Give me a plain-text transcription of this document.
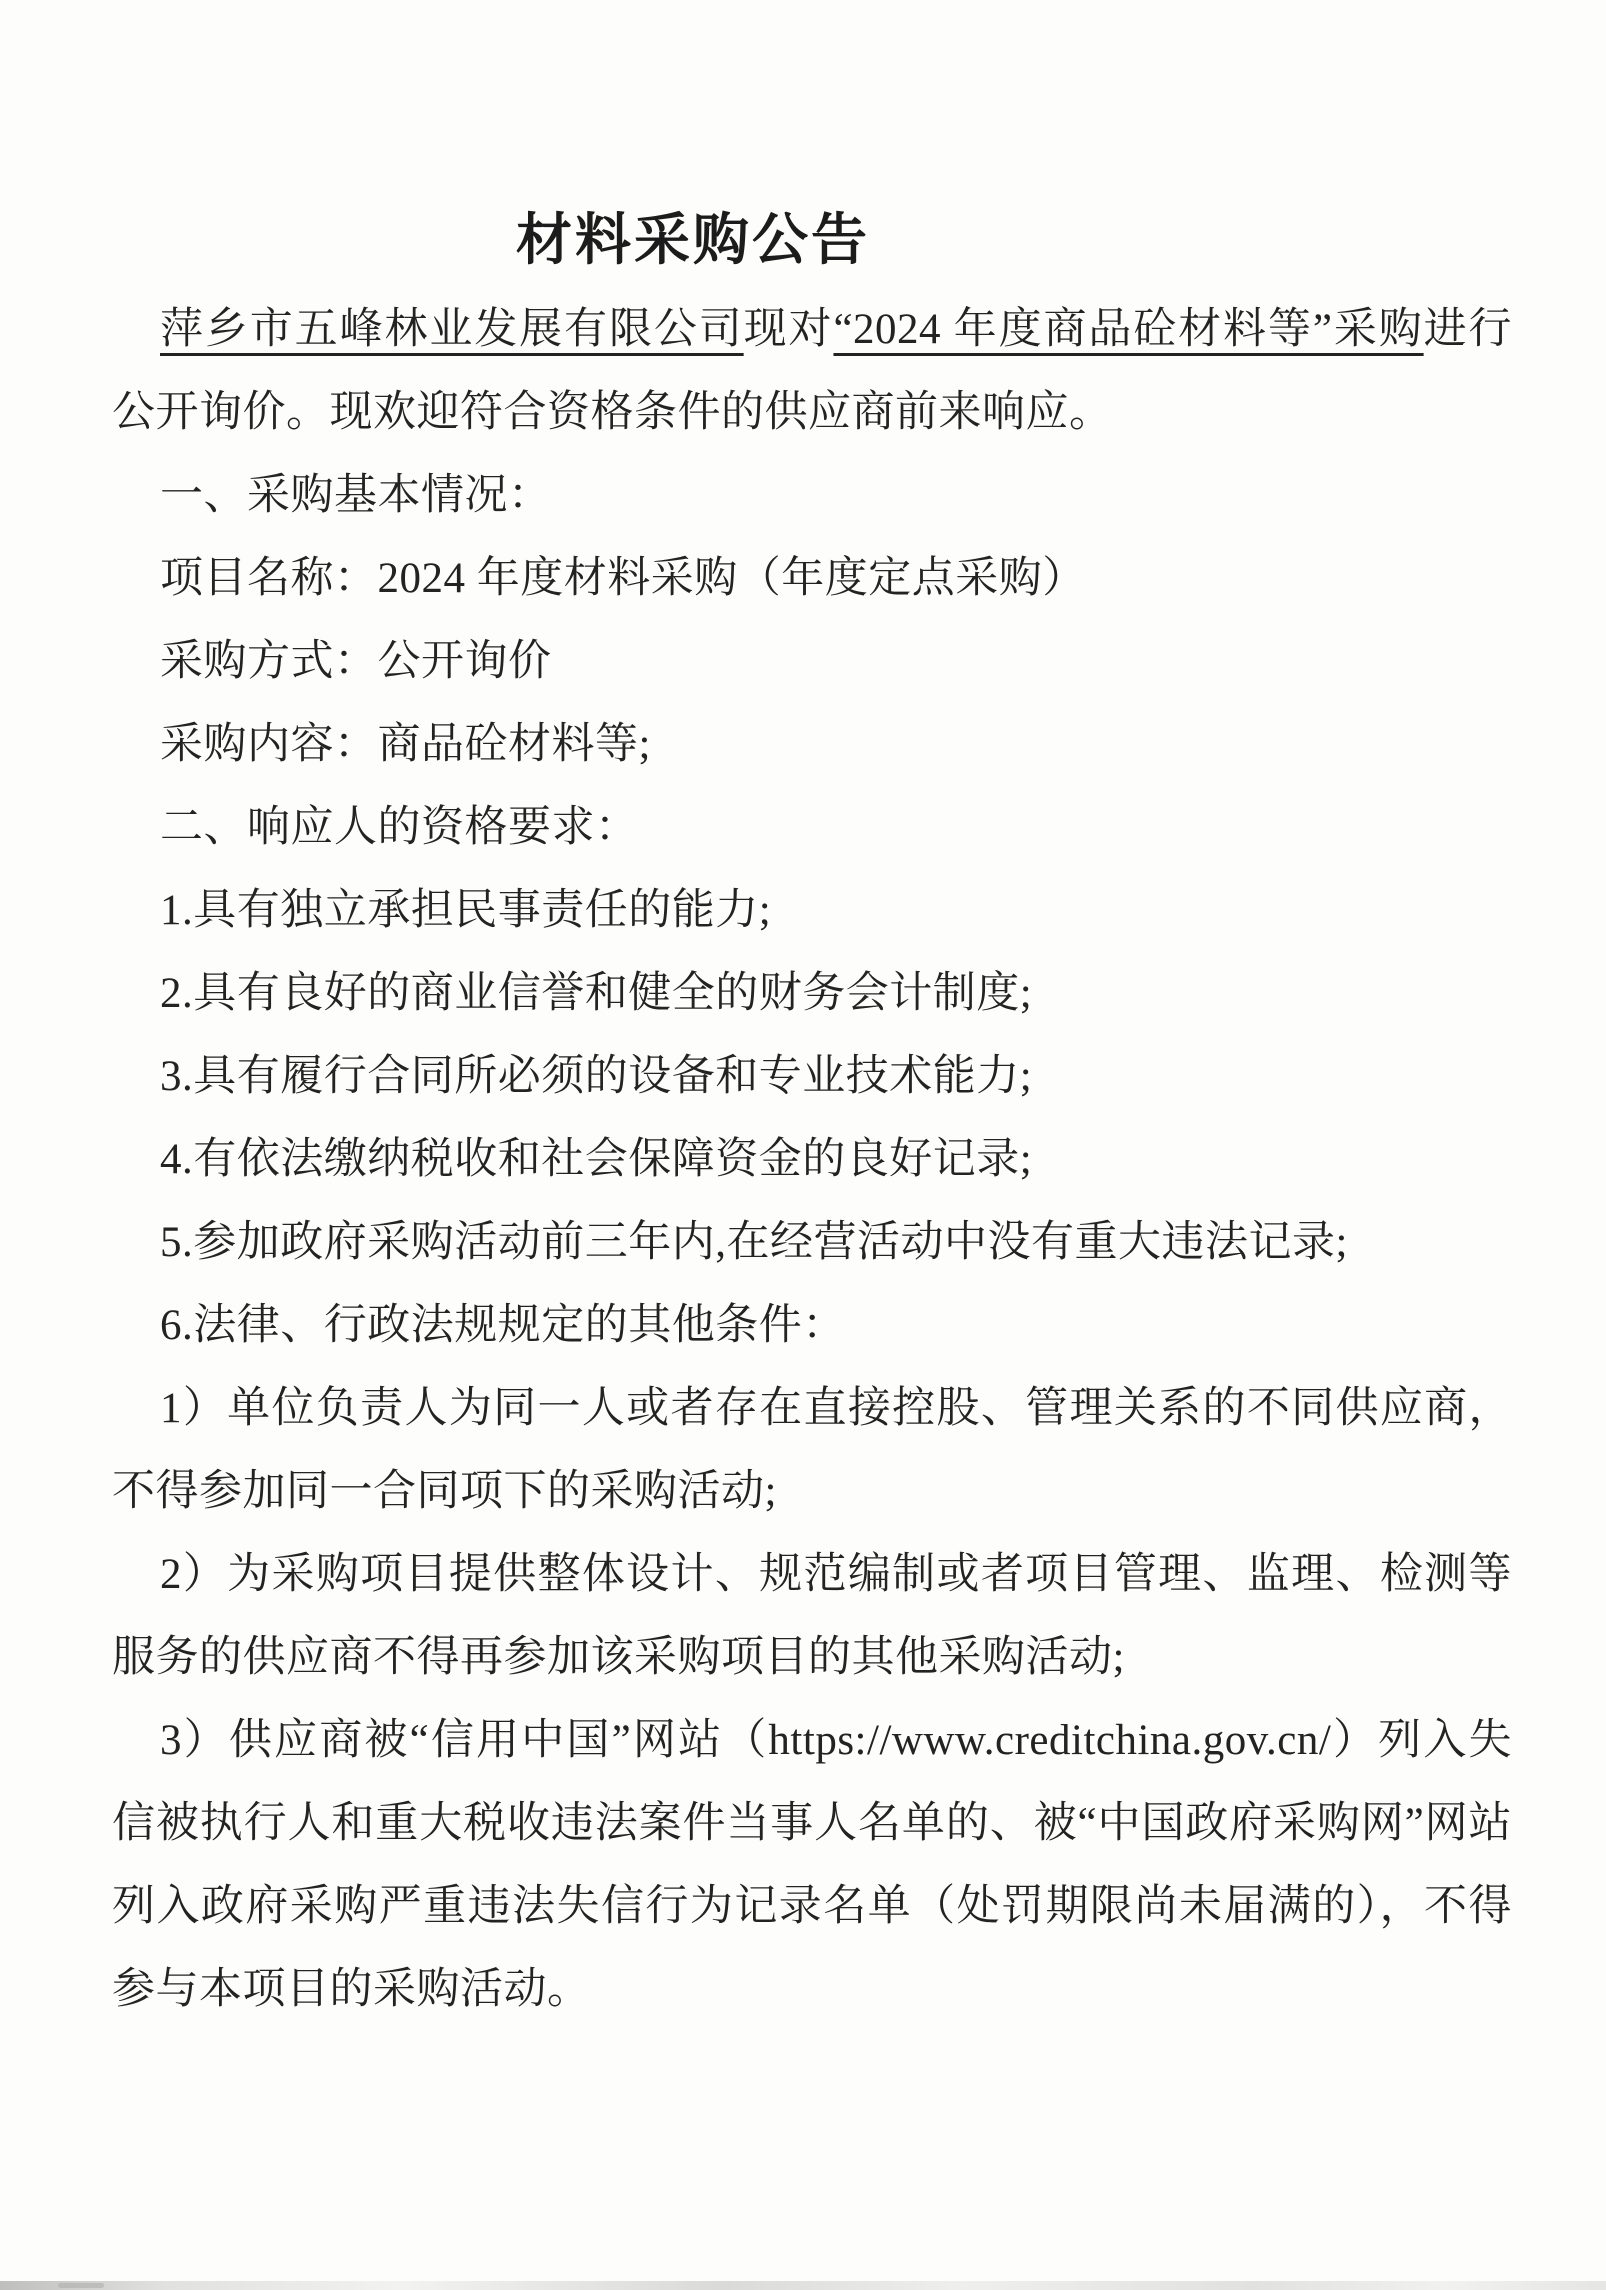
材料采购公告

萍乡市五峰林业发展有限公司现对“2024 年度商品砼材料等”采购进行公开询价。现欢迎符合资格条件的供应商前来响应。

一、采购基本情况：

项目名称：2024 年度材料采购（年度定点采购）

采购方式：公开询价

采购内容：商品砼材料等;

二、响应人的资格要求：

1.具有独立承担民事责任的能力;

2.具有良好的商业信誉和健全的财务会计制度;

3.具有履行合同所必须的设备和专业技术能力;

4.有依法缴纳税收和社会保障资金的良好记录;

5.参加政府采购活动前三年内,在经营活动中没有重大违法记录;

6.法律、行政法规规定的其他条件：

1）单位负责人为同一人或者存在直接控股、管理关系的不同供应商，不得参加同一合同项下的采购活动;

2）为采购项目提供整体设计、规范编制或者项目管理、监理、检测等服务的供应商不得再参加该采购项目的其他采购活动;

3）供应商被“信用中国”网站（https://www.creditchina.gov.cn/）列入失信被执行人和重大税收违法案件当事人名单的、被“中国政府采购网”网站列入政府采购严重违法失信行为记录名单（处罚期限尚未届满的），不得参与本项目的采购活动。
